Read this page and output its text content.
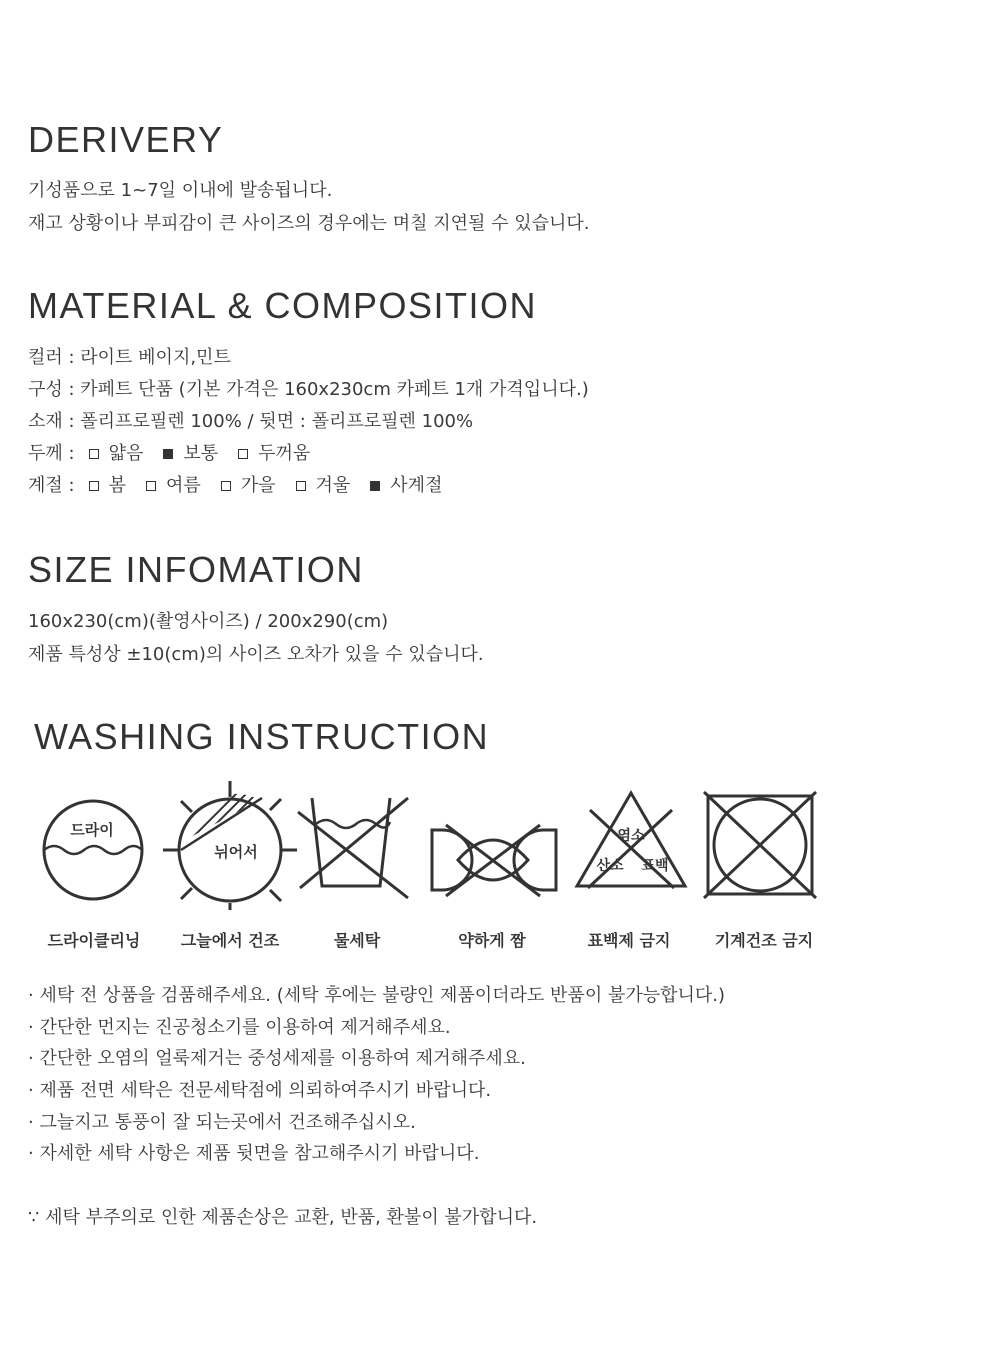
DERIVERY
기성품으로 1~7일 이내에 발송됩니다.
재고 상황이나 부피감이 큰 사이즈의 경우에는 며칠 지연될 수 있습니다.
MATERIAL & COMPOSITION
컬러 : 라이트 베이지,민트
구성 : 카페트 단품 (기본 가격은 160x230cm 카페트 1개 가격입니다.)
소재 : 폴리프로필렌 100% / 뒷면 : 폴리프로필렌 100%
두께 : 얇음 보통 두꺼움
계절 : 봄 여름 가을 겨울 사계절
SIZE INFOMATION
160x230(cm)(촬영사이즈) / 200x290(cm)
제품 특성상 ±10(cm)의 사이즈 오차가 있을 수 있습니다.
WASHING INSTRUCTION
드라이
뉘어서
염소
산소 표백
드라이클리닝	그늘에서 건조	물세탁	약하게 짬	표백제 금지	기계건조 금지
· 세탁 전 상품을 검품해주세요. (세탁 후에는 불량인 제품이더라도 반품이 불가능합니다.)
· 간단한 먼지는 진공청소기를 이용하여 제거해주세요.
· 간단한 오염의 얼룩제거는 중성세제를 이용하여 제거해주세요.
· 제품 전면 세탁은 전문세탁점에 의뢰하여주시기 바랍니다.
· 그늘지고 통풍이 잘 되는곳에서 건조해주십시오.
· 자세한 세탁 사항은 제품 뒷면을 참고해주시기 바랍니다.
∵ 세탁 부주의로 인한 제품손상은 교환, 반품, 환불이 불가합니다.
